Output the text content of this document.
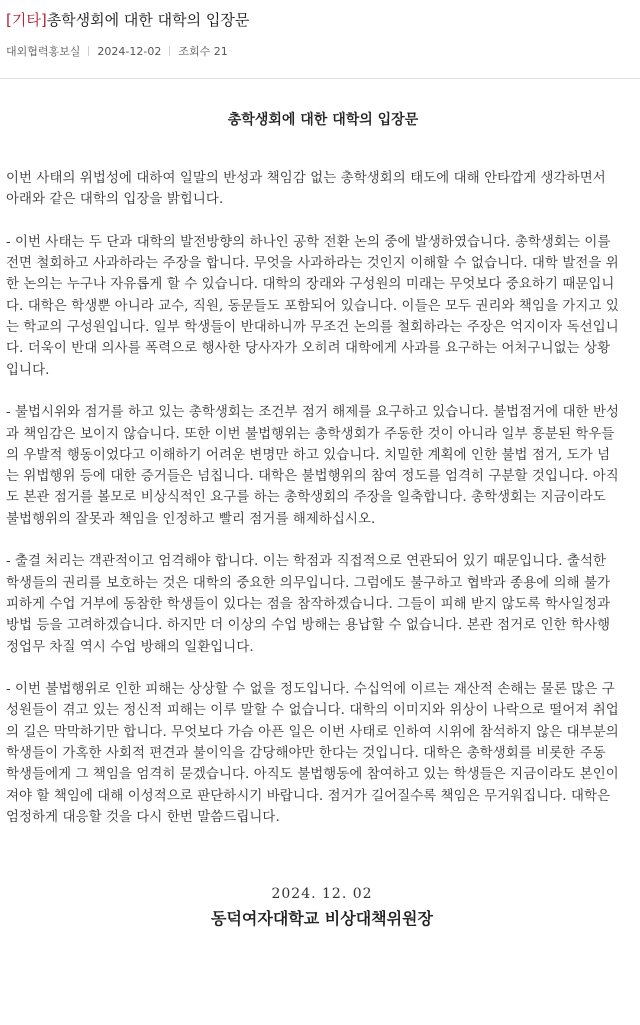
[기타]총학생회에 대한 대학의 입장문
대외협력홍보실 2024-12-02 조회수 21
총학생회에 대한 대학의 입장문

이번 사태의 위법성에 대하여 일말의 반성과 책임감 없는 총학생회의 태도에 대해 안타깝게 생각하면서 아래와 같은 대학의 입장을 밝힙니다.

- 이번 사태는 두 단과 대학의 발전방향의 하나인 공학 전환 논의 중에 발생하였습니다. 총학생회는 이를 전면 철회하고 사과하라는 주장을 합니다. 무엇을 사과하라는 것인지 이해할 수 없습니다. 대학 발전을 위한 논의는 누구나 자유롭게 할 수 있습니다. 대학의 장래와 구성원의 미래는 무엇보다 중요하기 때문입니다. 대학은 학생뿐 아니라 교수, 직원, 동문들도 포함되어 있습니다. 이들은 모두 권리와 책임을 가지고 있는 학교의 구성원입니다. 일부 학생들이 반대하니까 무조건 논의를 철회하라는 주장은 억지이자 독선입니다. 더욱이 반대 의사를 폭력으로 행사한 당사자가 오히려 대학에게 사과를 요구하는 어처구니없는 상황입니다.

- 불법시위와 점거를 하고 있는 총학생회는 조건부 점거 해제를 요구하고 있습니다. 불법점거에 대한 반성과 책임감은 보이지 않습니다. 또한 이번 불법행위는 총학생회가 주동한 것이 아니라 일부 흥분된 학우들의 우발적 행동이었다고 이해하기 어려운 변명만 하고 있습니다. 치밀한 계획에 인한 불법 점거, 도가 넘는 위법행위 등에 대한 증거들은 넘칩니다. 대학은 불법행위의 참여 정도를 엄격히 구분할 것입니다. 아직도 본관 점거를 볼모로 비상식적인 요구를 하는 총학생회의 주장을 일축합니다. 총학생회는 지금이라도 불법행위의 잘못과 책임을 인정하고 빨리 점거를 해제하십시오.

- 출결 처리는 객관적이고 엄격해야 합니다. 이는 학점과 직접적으로 연관되어 있기 때문입니다. 출석한 학생들의 권리를 보호하는 것은 대학의 중요한 의무입니다. 그럼에도 불구하고 협박과 종용에 의해 불가피하게 수업 거부에 동참한 학생들이 있다는 점을 참작하겠습니다. 그들이 피해 받지 않도록 학사일정과 방법 등을 고려하겠습니다. 하지만 더 이상의 수업 방해는 용납할 수 없습니다. 본관 점거로 인한 학사행정업무 차질 역시 수업 방해의 일환입니다.

- 이번 불법행위로 인한 피해는 상상할 수 없을 정도입니다. 수십억에 이르는 재산적 손해는 물론 많은 구성원들이 겪고 있는 정신적 피해는 이루 말할 수 없습니다. 대학의 이미지와 위상이 나락으로 떨어져 취업의 길은 막막하기만 합니다. 무엇보다 가슴 아픈 일은 이번 사태로 인하여 시위에 참석하지 않은 대부분의 학생들이 가혹한 사회적 편견과 불이익을 감당해야만 한다는 것입니다. 대학은 총학생회를 비롯한 주동 학생들에게 그 책임을 엄격히 묻겠습니다. 아직도 불법행동에 참여하고 있는 학생들은 지금이라도 본인이 져야 할 책임에 대해 이성적으로 판단하시기 바랍니다. 점거가 길어질수록 책임은 무거워집니다. 대학은 엄정하게 대응할 것을 다시 한번 말씀드립니다.

2024. 12. 02
동덕여자대학교 비상대책위원장
